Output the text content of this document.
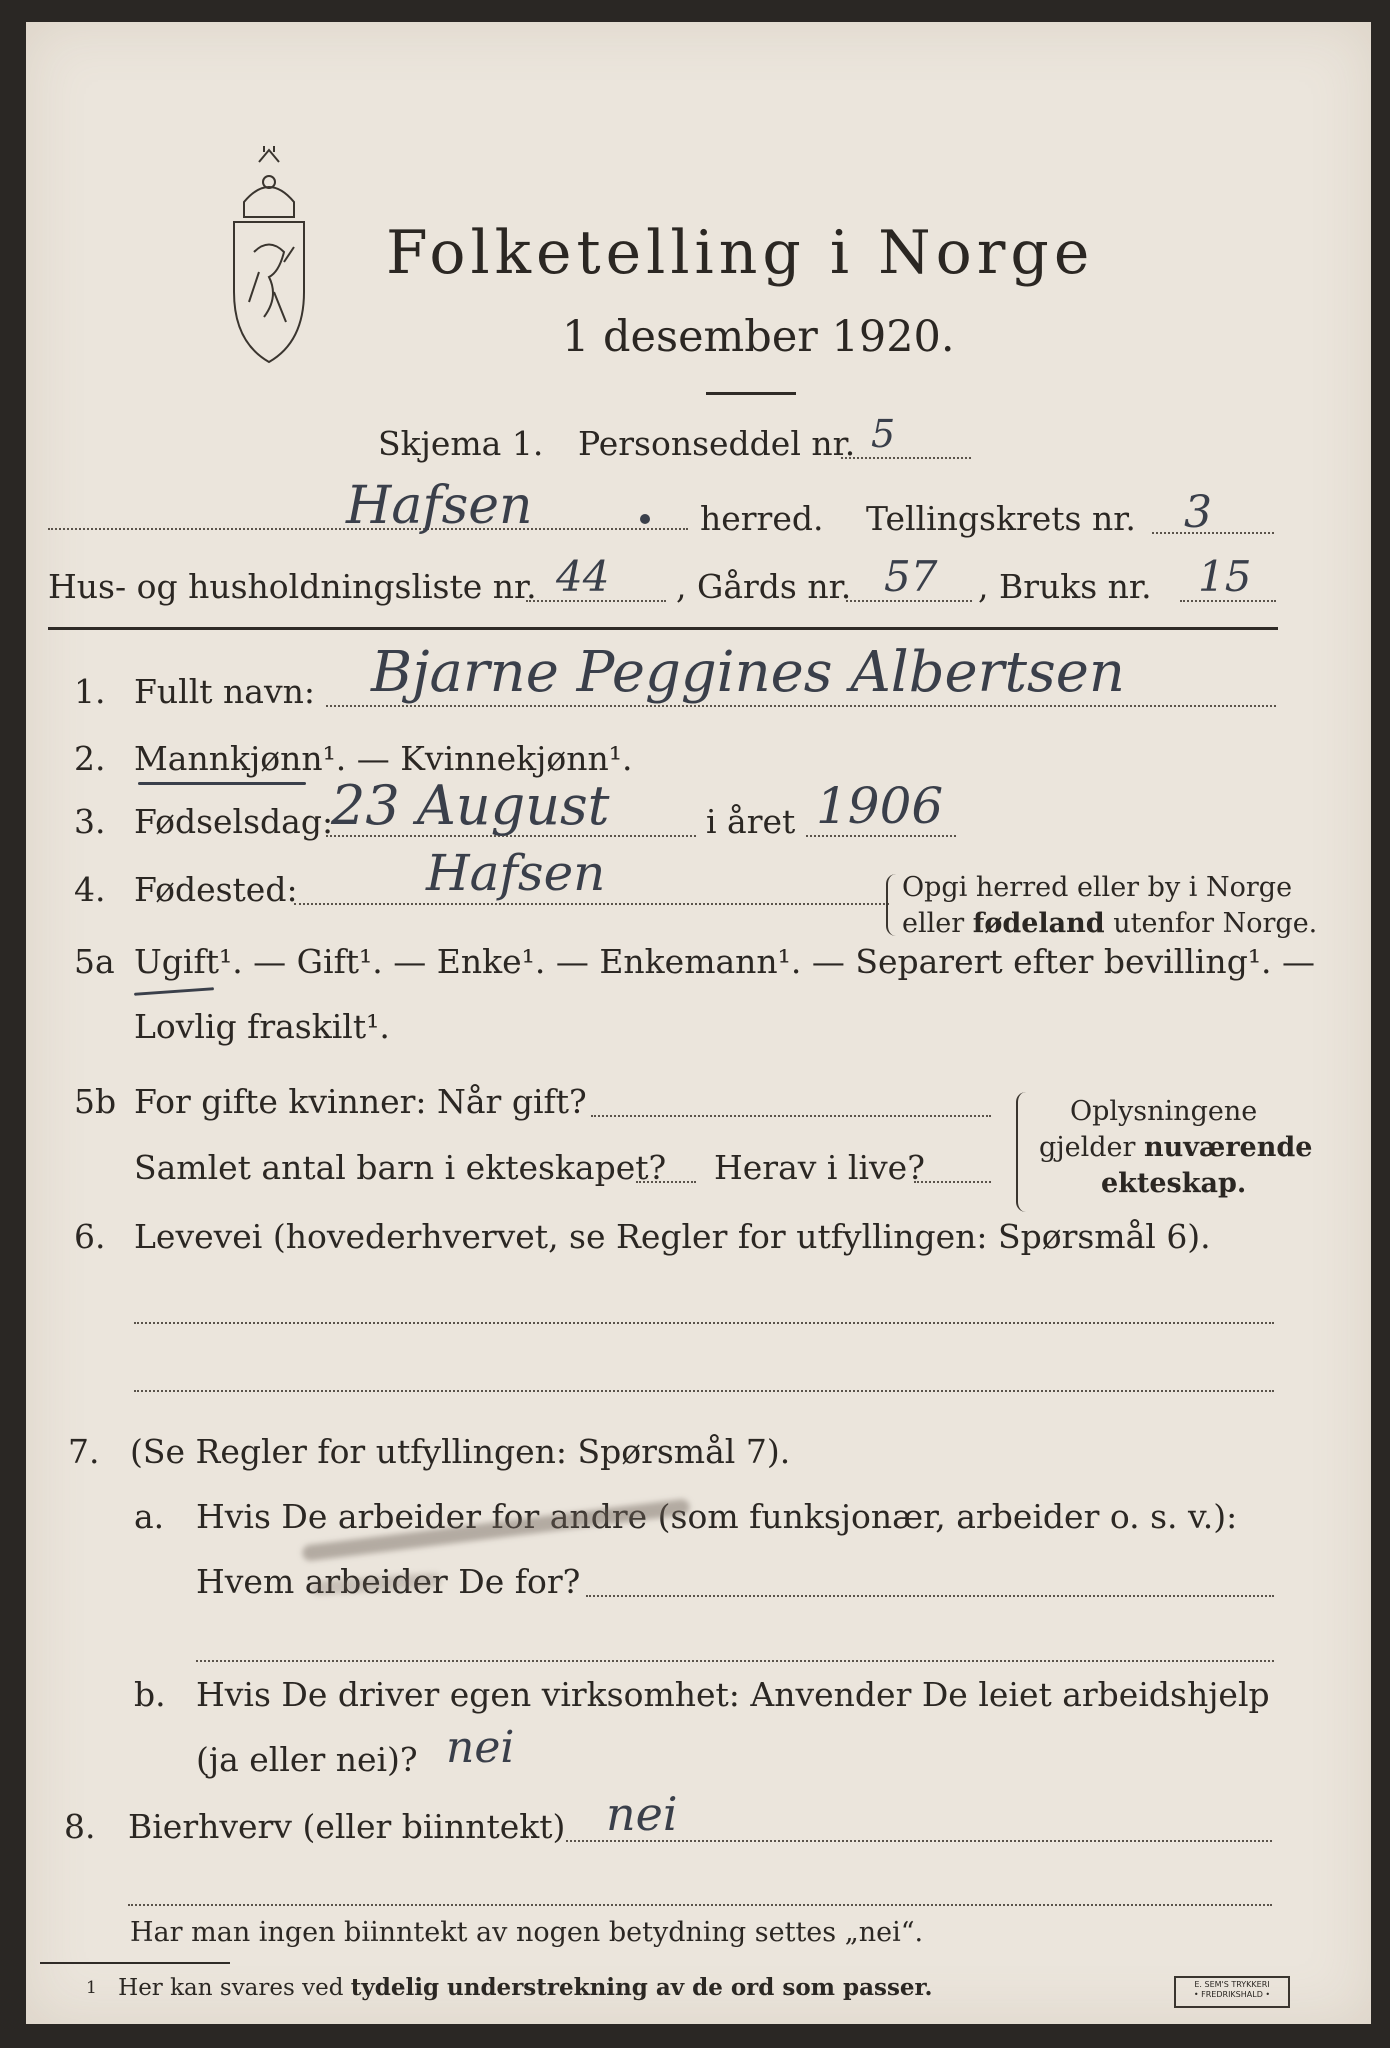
Folketelling i Norge
1 desember 1920.
Skjema 1. Personseddel nr. 5
Hafsen	herred. Tellingskrets nr. 3
Hus- og husholdningsliste nr. 44 , Gårds nr. 57 , Bruks nr. 15
1. Fullt navn: Bjarne Peggines Albertsen
2. Mannkjønn¹. — Kvinnekjønn¹.
3. Fødselsdag:
23 August	i året 1906
4. Fødested:	Hafsen	Opgi herred eller by i Norge
eller fødeland utenfor Norge.
5a Ugift¹. — Gift¹. — Enke¹. — Enkemann¹. — Separert efter bevilling¹. —
Lovlig fraskilt¹.
5b For gifte kvinner: Når gift?
Samlet antal barn i ekteskapet? Herav i live?
Oplysningene
gjelder nuværende
ekteskap.
6. Levevei (hovederhvervet, se Regler for utfyllingen: Spørsmål 6).
7. (Se Regler for utfyllingen: Spørsmål 7).
a. Hvis De arbeider for andre (som funksjonær, arbeider o. s. v.):
Hvem arbeider De for?
b. Hvis De driver egen virksomhet: Anvender De leiet arbeidshjelp
(ja eller nei)? nei
8. Bierhverv (eller biinntekt) nei
Har man ingen biinntekt av nogen betydning settes „nei“.
$^1$ Her kan svares ved tydelig understrekning av de ord som passer.	E. SEM'S TRYKKERI
• FREDRIKSHALD •
